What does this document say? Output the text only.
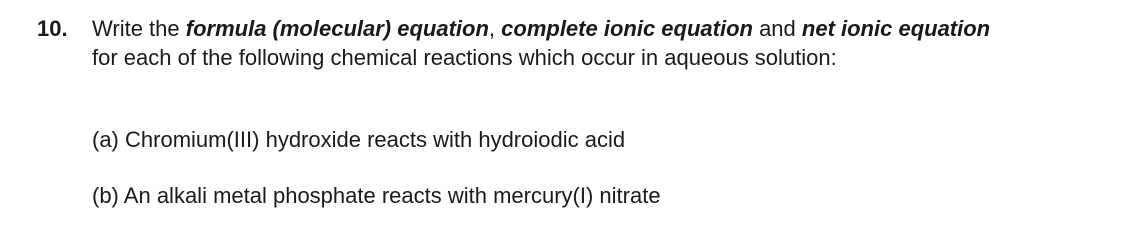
10. Write the formula (molecular) equation, complete ionic equation and net ionic equation
for each of the following chemical reactions which occur in aqueous solution:
(a) Chromium(III) hydroxide reacts with hydroiodic acid
(b) An alkali metal phosphate reacts with mercury(I) nitrate
